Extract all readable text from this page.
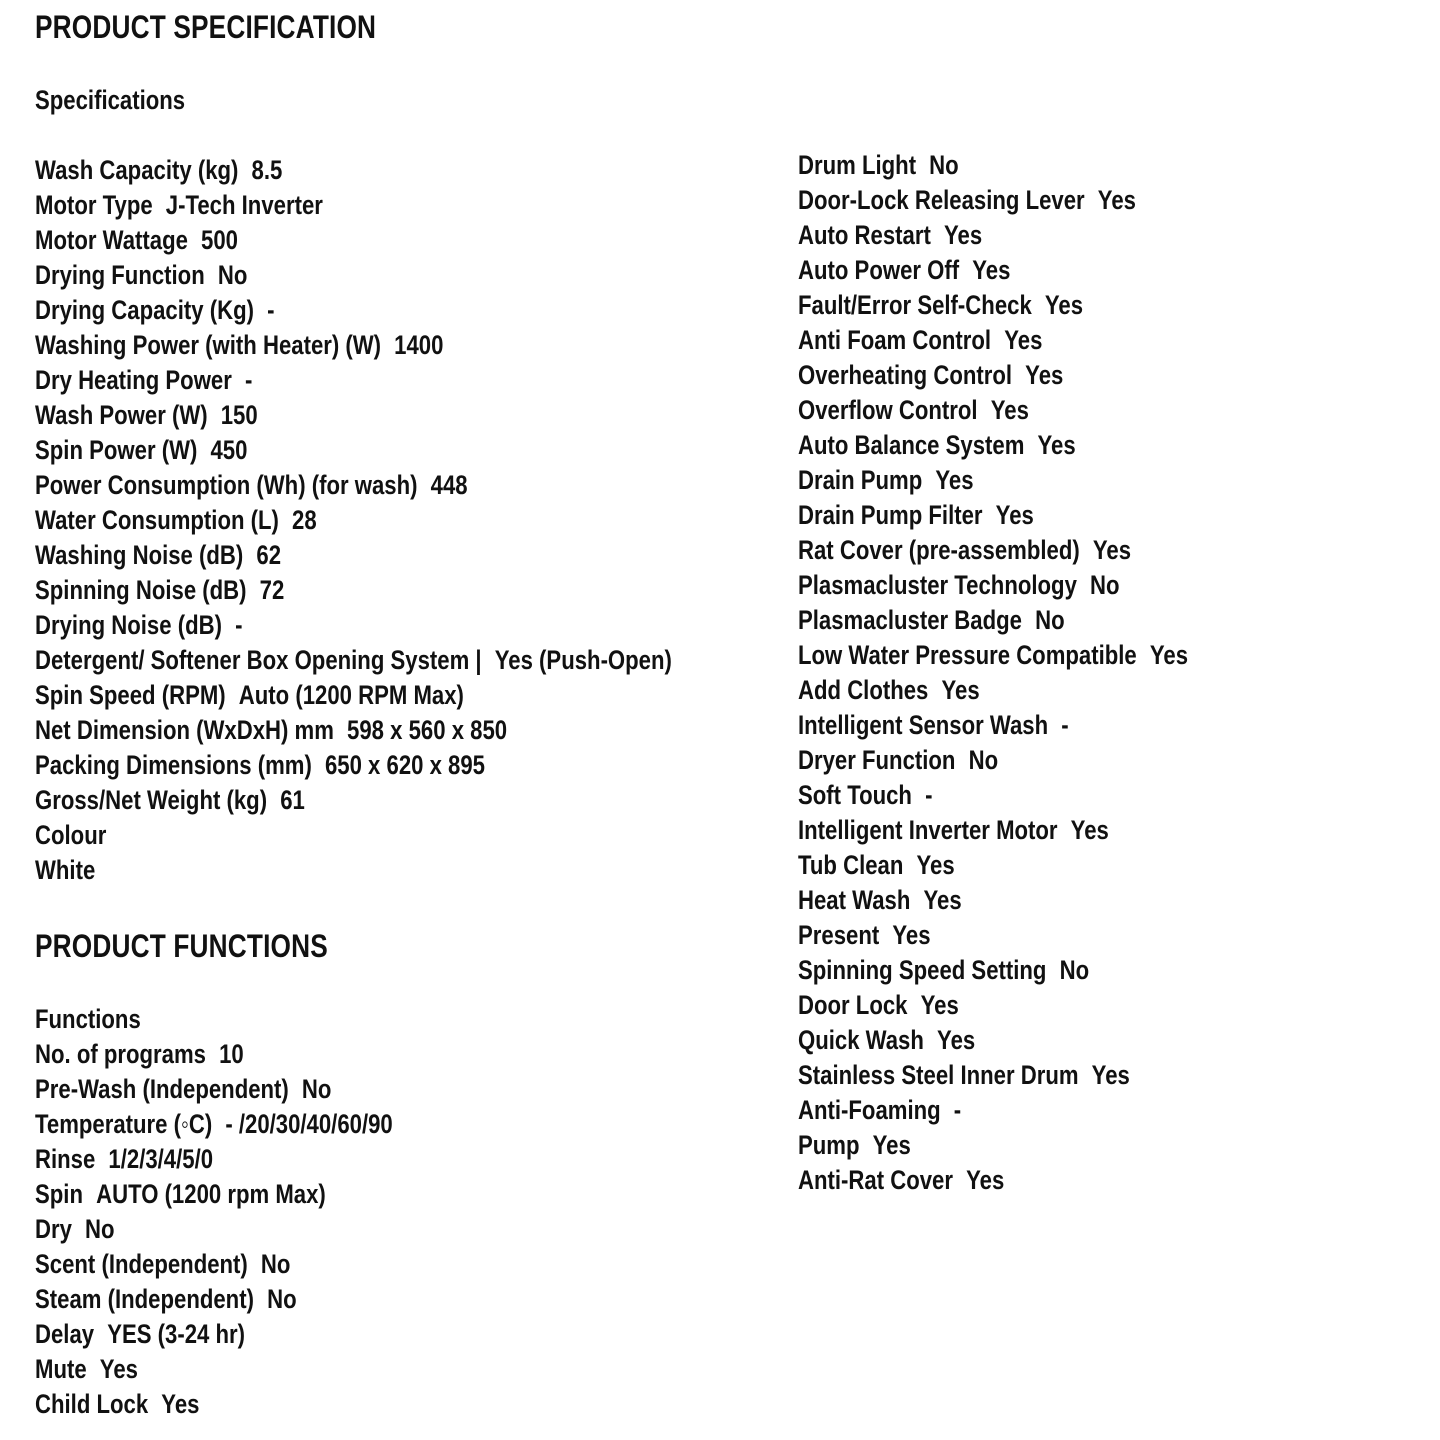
PRODUCT SPECIFICATION
Specifications
Wash Capacity (kg) 8.5
Motor Type J-Tech Inverter
Motor Wattage 500
Drying Function No
Drying Capacity (Kg) -
Washing Power (with Heater) (W) 1400
Dry Heating Power -
Wash Power (W) 150
Spin Power (W) 450
Power Consumption (Wh) (for wash) 448
Water Consumption (L) 28
Washing Noise (dB) 62
Spinning Noise (dB) 72
Drying Noise (dB) -
Detergent/ Softener Box Opening System | Yes (Push-Open)
Spin Speed (RPM) Auto (1200 RPM Max)
Net Dimension (WxDxH) mm 598 x 560 x 850
Packing Dimensions (mm) 650 x 620 x 895
Gross/Net Weight (kg) 61
Colour
White
PRODUCT FUNCTIONS
Functions
No. of programs 10
Pre-Wash (Independent) No
Temperature (◦C) - /20/30/40/60/90
Rinse 1/2/3/4/5/0
Spin AUTO (1200 rpm Max)
Dry No
Scent (Independent) No
Steam (Independent) No
Delay YES (3-24 hr)
Mute Yes
Child Lock Yes
Drum Light No
Door-Lock Releasing Lever Yes
Auto Restart Yes
Auto Power Off Yes
Fault/Error Self-Check Yes
Anti Foam Control Yes
Overheating Control Yes
Overflow Control Yes
Auto Balance System Yes
Drain Pump Yes
Drain Pump Filter Yes
Rat Cover (pre-assembled) Yes
Plasmacluster Technology No
Plasmacluster Badge No
Low Water Pressure Compatible Yes
Add Clothes Yes
Intelligent Sensor Wash -
Dryer Function No
Soft Touch -
Intelligent Inverter Motor Yes
Tub Clean Yes
Heat Wash Yes
Present Yes
Spinning Speed Setting No
Door Lock Yes
Quick Wash Yes
Stainless Steel Inner Drum Yes
Anti-Foaming -
Pump Yes
Anti-Rat Cover Yes
